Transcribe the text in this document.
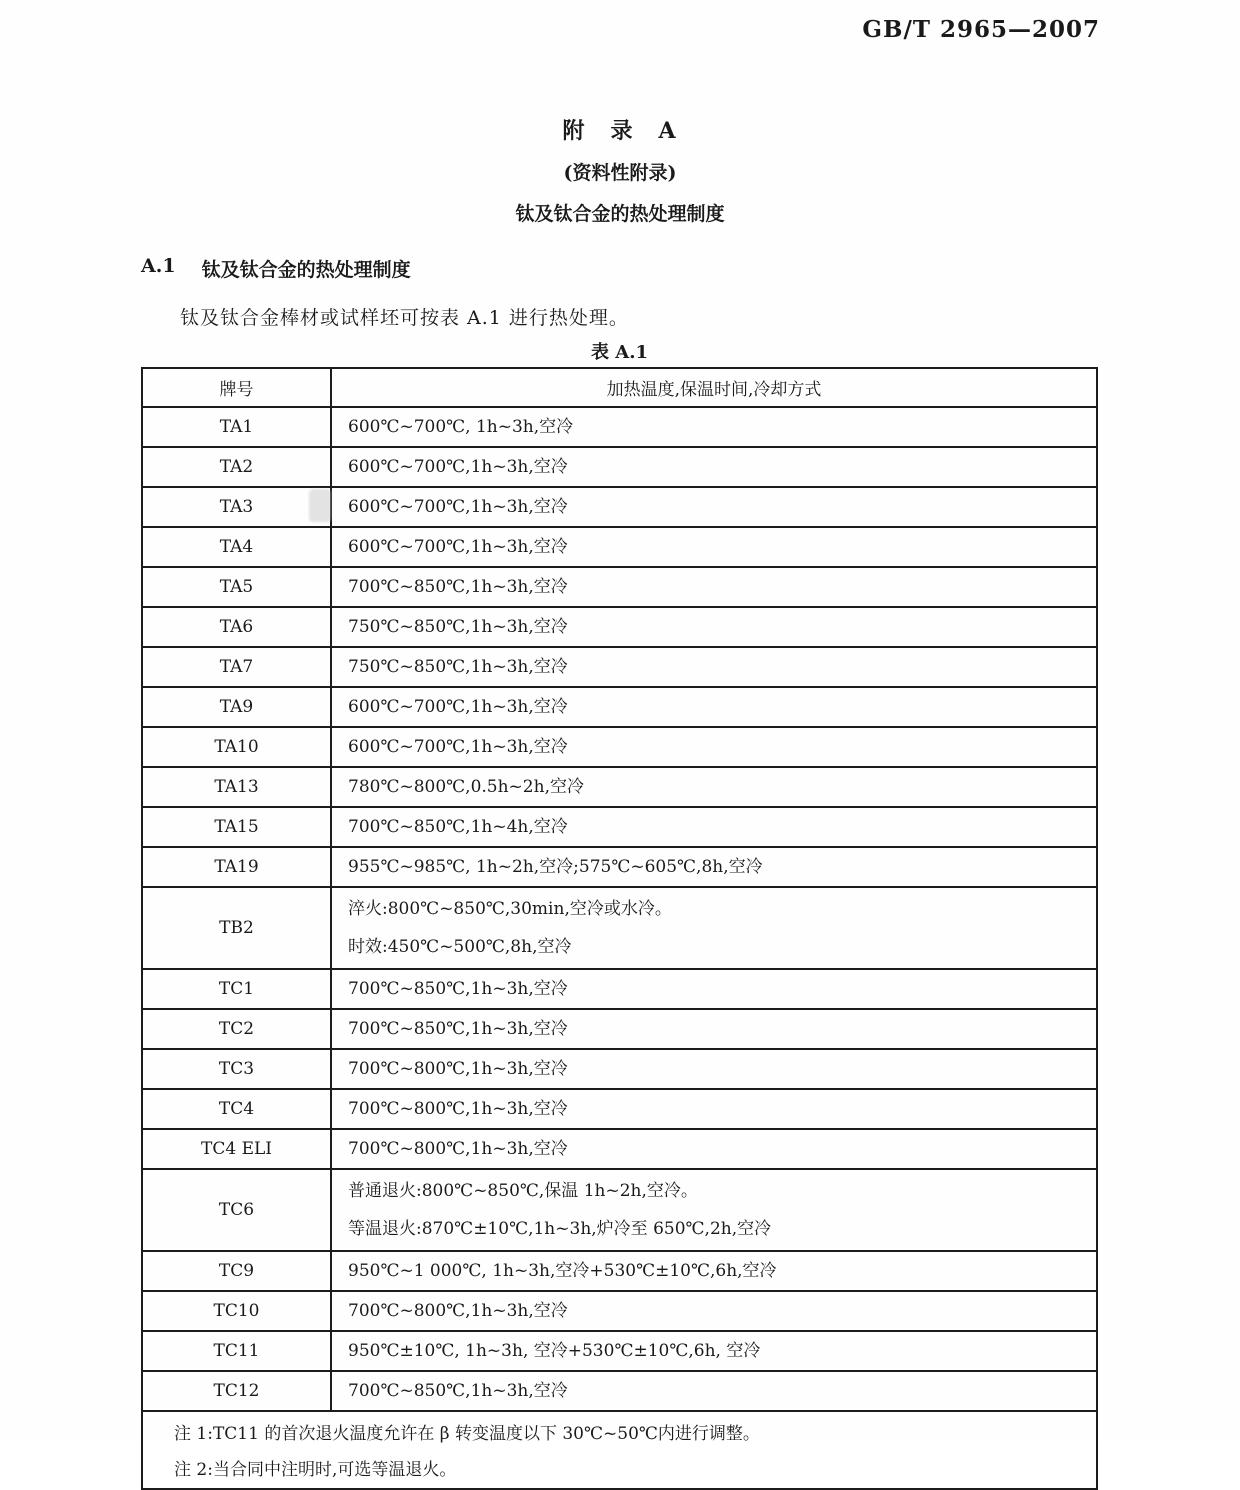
GB/T 2965—2007
附　录　A
(资料性附录)
钛及钛合金的热处理制度
A.1 钛及钛合金的热处理制度

钛及钛合金棒材或试样坯可按表 A.1 进行热处理。

表 A.1
牌号	加热温度,保温时间,冷却方式
TA1	600℃~700℃, 1h~3h,空冷

TA2	600℃~700℃,1h~3h,空冷

TA3	600℃~700℃,1h~3h,空冷

TA4	600℃~700℃,1h~3h,空冷

TA5	700℃~850℃,1h~3h,空冷

TA6	750℃~850℃,1h~3h,空冷

TA7	750℃~850℃,1h~3h,空冷

TA9	600℃~700℃,1h~3h,空冷

TA10	600℃~700℃,1h~3h,空冷

TA13	780℃~800℃,0.5h~2h,空冷

TA15	700℃~850℃,1h~4h,空冷

TA19	955℃~985℃, 1h~2h,空冷;575℃~605℃,8h,空冷

TB2	淬火:800℃~850℃,30min,空冷或水冷。
时效:450℃~500℃,8h,空冷

TC1	700℃~850℃,1h~3h,空冷

TC2	700℃~850℃,1h~3h,空冷

TC3	700℃~800℃,1h~3h,空冷

TC4	700℃~800℃,1h~3h,空冷

TC4 ELI	700℃~800℃,1h~3h,空冷

TC6	普通退火:800℃~850℃,保温 1h~2h,空冷。
等温退火:870℃±10℃,1h~3h,炉冷至 650℃,2h,空冷

TC9	950℃~1 000℃, 1h~3h,空冷+530℃±10℃,6h,空冷

TC10	700℃~800℃,1h~3h,空冷

TC11	950℃±10℃, 1h~3h, 空冷+530℃±10℃,6h, 空冷

TC12	700℃~850℃,1h~3h,空冷

注 1:TC11 的首次退火温度允许在 β 转变温度以下 30℃~50℃内进行调整。
注 2:当合同中注明时,可选等温退火。	
